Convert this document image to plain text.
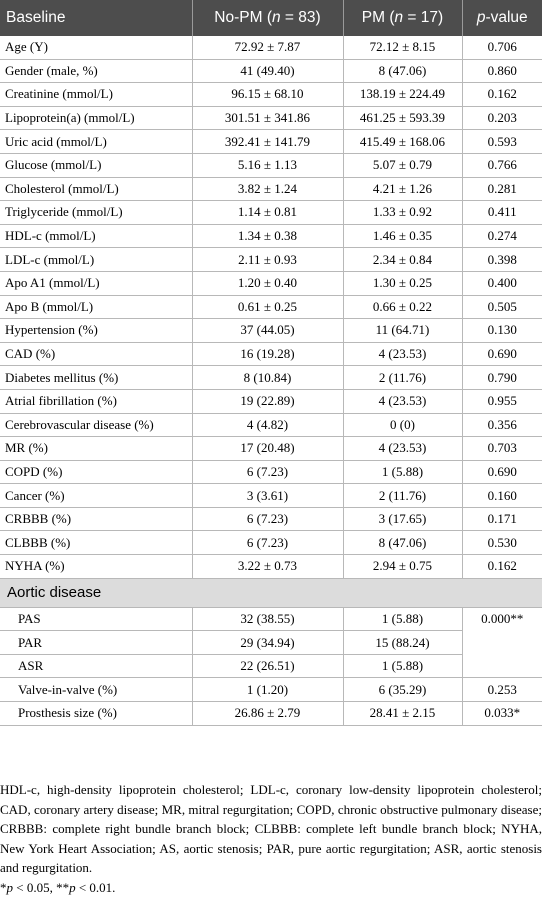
Baseline	No-PM (n = 83)	PM (n = 17)	p-value
Age (Y)	72.92 ± 7.87	72.12 ± 8.15	0.706
Gender (male, %)	41 (49.40)	8 (47.06)	0.860
Creatinine (mmol/L)	96.15 ± 68.10	138.19 ± 224.49	0.162
Lipoprotein(a) (mmol/L)	301.51 ± 341.86	461.25 ± 593.39	0.203
Uric acid (mmol/L)	392.41 ± 141.79	415.49 ± 168.06	0.593
Glucose (mmol/L)	5.16 ± 1.13	5.07 ± 0.79	0.766
Cholesterol (mmol/L)	3.82 ± 1.24	4.21 ± 1.26	0.281
Triglyceride (mmol/L)	1.14 ± 0.81	1.33 ± 0.92	0.411
HDL-c (mmol/L)	1.34 ± 0.38	1.46 ± 0.35	0.274
LDL-c (mmol/L)	2.11 ± 0.93	2.34 ± 0.84	0.398
Apo A1 (mmol/L)	1.20 ± 0.40	1.30 ± 0.25	0.400
Apo B (mmol/L)	0.61 ± 0.25	0.66 ± 0.22	0.505
Hypertension (%)	37 (44.05)	11 (64.71)	0.130
CAD (%)	16 (19.28)	4 (23.53)	0.690
Diabetes mellitus (%)	8 (10.84)	2 (11.76)	0.790
Atrial fibrillation (%)	19 (22.89)	4 (23.53)	0.955
Cerebrovascular disease (%)	4 (4.82)	0 (0)	0.356
MR (%)	17 (20.48)	4 (23.53)	0.703
COPD (%)	6 (7.23)	1 (5.88)	0.690
Cancer (%)	3 (3.61)	2 (11.76)	0.160
CRBBB (%)	6 (7.23)	3 (17.65)	0.171
CLBBB (%)	6 (7.23)	8 (47.06)	0.530
NYHA (%)	3.22 ± 0.73	2.94 ± 0.75	0.162
Aortic disease			
PAS	32 (38.55)	1 (5.88)	0.000**
PAR	29 (34.94)	15 (88.24)	
ASR	22 (26.51)	1 (5.88)	
Valve-in-valve (%)	1 (1.20)	6 (35.29)	0.253
Prosthesis size (%)	26.86 ± 2.79	28.41 ± 2.15	0.033*

HDL-c, high-density lipoprotein cholesterol; LDL-c, coronary low-density lipoprotein cholesterol; CAD, coronary artery disease; MR, mitral regurgitation; COPD, chronic obstructive pulmonary disease; CRBBB: complete right bundle branch block; CLBBB: complete left bundle branch block; NYHA, New York Heart Association; AS, aortic stenosis; PAR, pure aortic regurgitation; ASR, aortic stenosis and regurgitation.

*p < 0.05, **p < 0.01.
